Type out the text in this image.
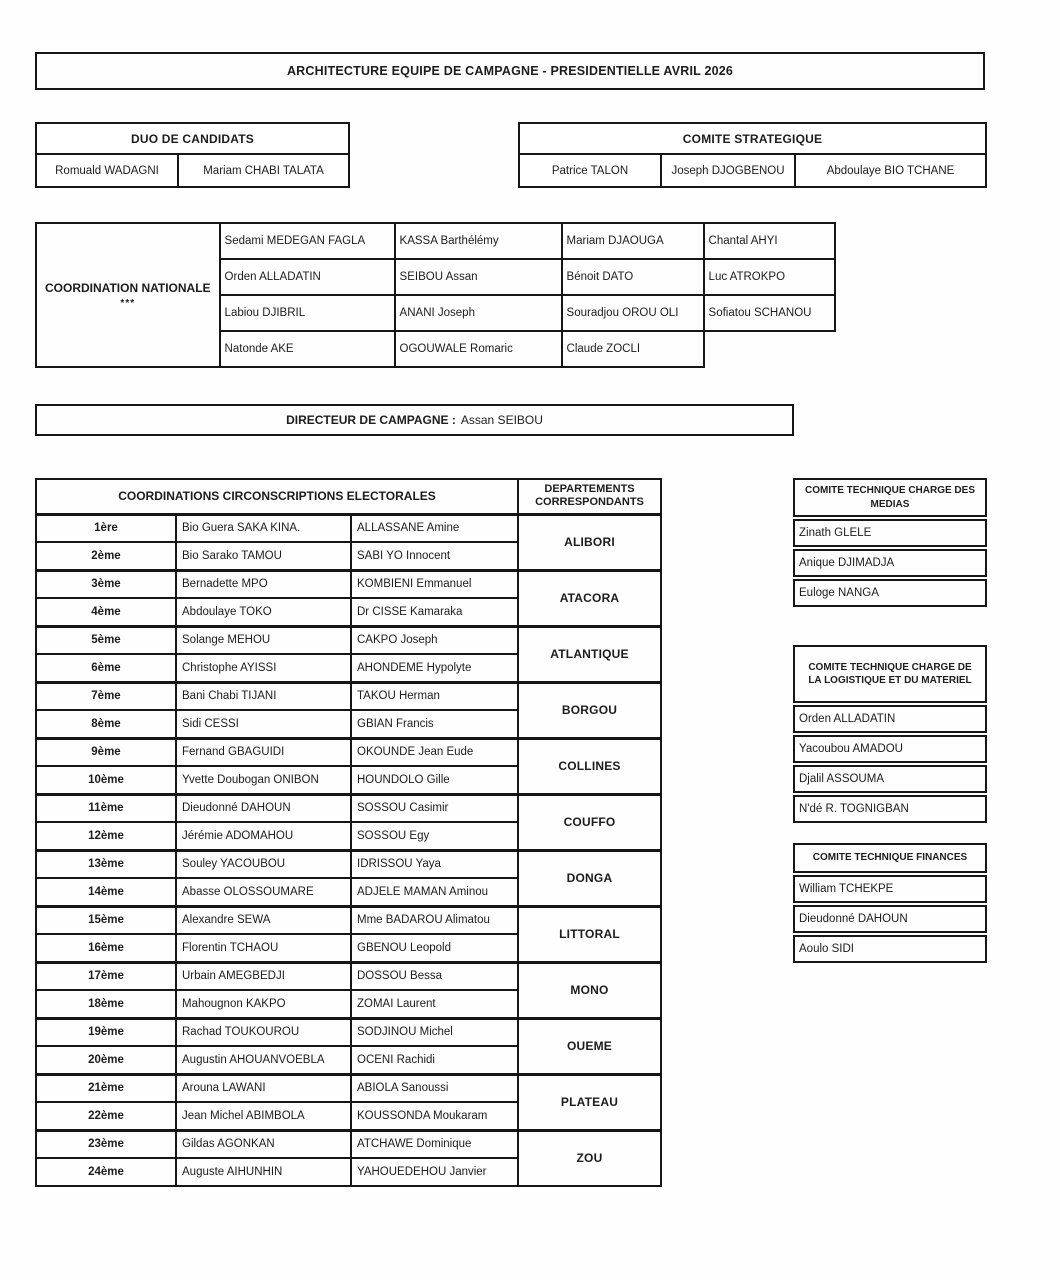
ARCHITECTURE EQUIPE DE CAMPAGNE - PRESIDENTIELLE AVRIL 2026
DUO DE CANDIDATS
Romuald WADAGNI	Mariam CHABI TALATA
COMITE STRATEGIQUE
Patrice TALON	Joseph DJOGBENOU	Abdoulaye BIO TCHANE
COORDINATION NATIONALE
***	Sedami MEDEGAN FAGLA	KASSA Barthélémy	Mariam DJAOUGA	Chantal AHYI
	Orden ALLADATIN	SEIBOU Assan	Bénoit DATO	Luc ATROKPO
	Labiou DJIBRIL	ANANI Joseph	Souradjou OROU OLI	Sofiatou SCHANOU
	Natonde AKE	OGOUWALE Romaric	Claude ZOCLI	
DIRECTEUR DE CAMPAGNE : Assan SEIBOU
COORDINATIONS CIRCONSCRIPTIONS ELECTORALES			DEPARTEMENTS CORRESPONDANTS
1ère	Bio Guera SAKA KINA.	ALLASSANE Amine	ALIBORI
2ème	Bio Sarako TAMOU	SABI YO Innocent	
3ème	Bernadette MPO	KOMBIENI Emmanuel	ATACORA
4ème	Abdoulaye TOKO	Dr CISSE Kamaraka	
5ème	Solange MEHOU	CAKPO Joseph	ATLANTIQUE
6ème	Christophe AYISSI	AHONDEME Hypolyte	
7ème	Bani Chabi TIJANI	TAKOU Herman	BORGOU
8ème	Sidi CESSI	GBIAN Francis	
9ème	Fernand GBAGUIDI	OKOUNDE Jean Eude	COLLINES
10ème	Yvette Doubogan ONIBON	HOUNDOLO Gille	
11ème	Dieudonné DAHOUN	SOSSOU Casimir	COUFFO
12ème	Jérémie ADOMAHOU	SOSSOU Egy	
13ème	Souley YACOUBOU	IDRISSOU Yaya	DONGA
14ème	Abasse OLOSSOUMARE	ADJELE MAMAN Aminou	
15ème	Alexandre SEWA	Mme BADAROU Alimatou	LITTORAL
16ème	Florentin TCHAOU	GBENOU Leopold	
17ème	Urbain AMEGBEDJI	DOSSOU Bessa	MONO
18ème	Mahougnon KAKPO	ZOMAI Laurent	
19ème	Rachad TOUKOUROU	SODJINOU Michel	OUEME
20ème	Augustin AHOUANVOEBLA	OCENI Rachidi	
21ème	Arouna LAWANI	ABIOLA Sanoussi	PLATEAU
22ème	Jean Michel ABIMBOLA	KOUSSONDA Moukaram	
23ème	Gildas AGONKAN	ATCHAWE Dominique	ZOU
24ème	Auguste AIHUNHIN	YAHOUEDEHOU Janvier	
COMITE TECHNIQUE CHARGE DES MEDIAS
Zinath GLELE
Anique DJIMADJA
Euloge NANGA
COMITE TECHNIQUE CHARGE DE LA LOGISTIQUE ET DU MATERIEL
Orden ALLADATIN
Yacoubou AMADOU
Djalil ASSOUMA
N'dé R. TOGNIGBAN
COMITE TECHNIQUE FINANCES
William TCHEKPE
Dieudonné DAHOUN
Aoulo SIDI
